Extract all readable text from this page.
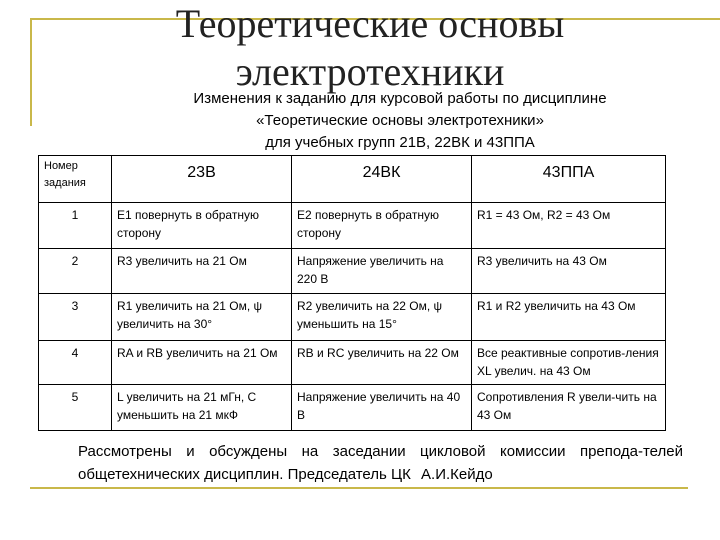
Теоретические основы электротехники
Изменения к заданию для курсовой работы по дисциплине
«Теоретические основы электротехники»
для учебных групп 21В, 22ВК и 43ППА
Номер задания	23В	24ВК	43ППА
1	Е1 повернуть в обратную сторону	Е2 повернуть в обратную сторону	R1 = 43 Ом, R2 = 43 Ом
2	R3 увеличить на 21 Ом	Напряжение увеличить на 220 В	R3 увеличить на 43 Ом
3	R1 увеличить на 21 Ом, ψ увеличить на 30°	R2 увеличить на 22 Ом, ψ уменьшить на 15°	R1 и R2 увеличить на 43 Ом
4	RA и RB увеличить на 21 Ом	RB и RC увеличить на 22 Ом	Все реактивные сопротив-ления XL увелич. на 43 Ом
5	L увеличить на 21 мГн, C уменьшить на 21 мкФ	Напряжение увеличить на 40 В	Сопротивления R увели-чить на 43 Ом
Рассмотрены и обсуждены на заседании цикловой комиссии препода-телей общетехнических дисциплин. Председатель ЦК А.И.Кейдо
